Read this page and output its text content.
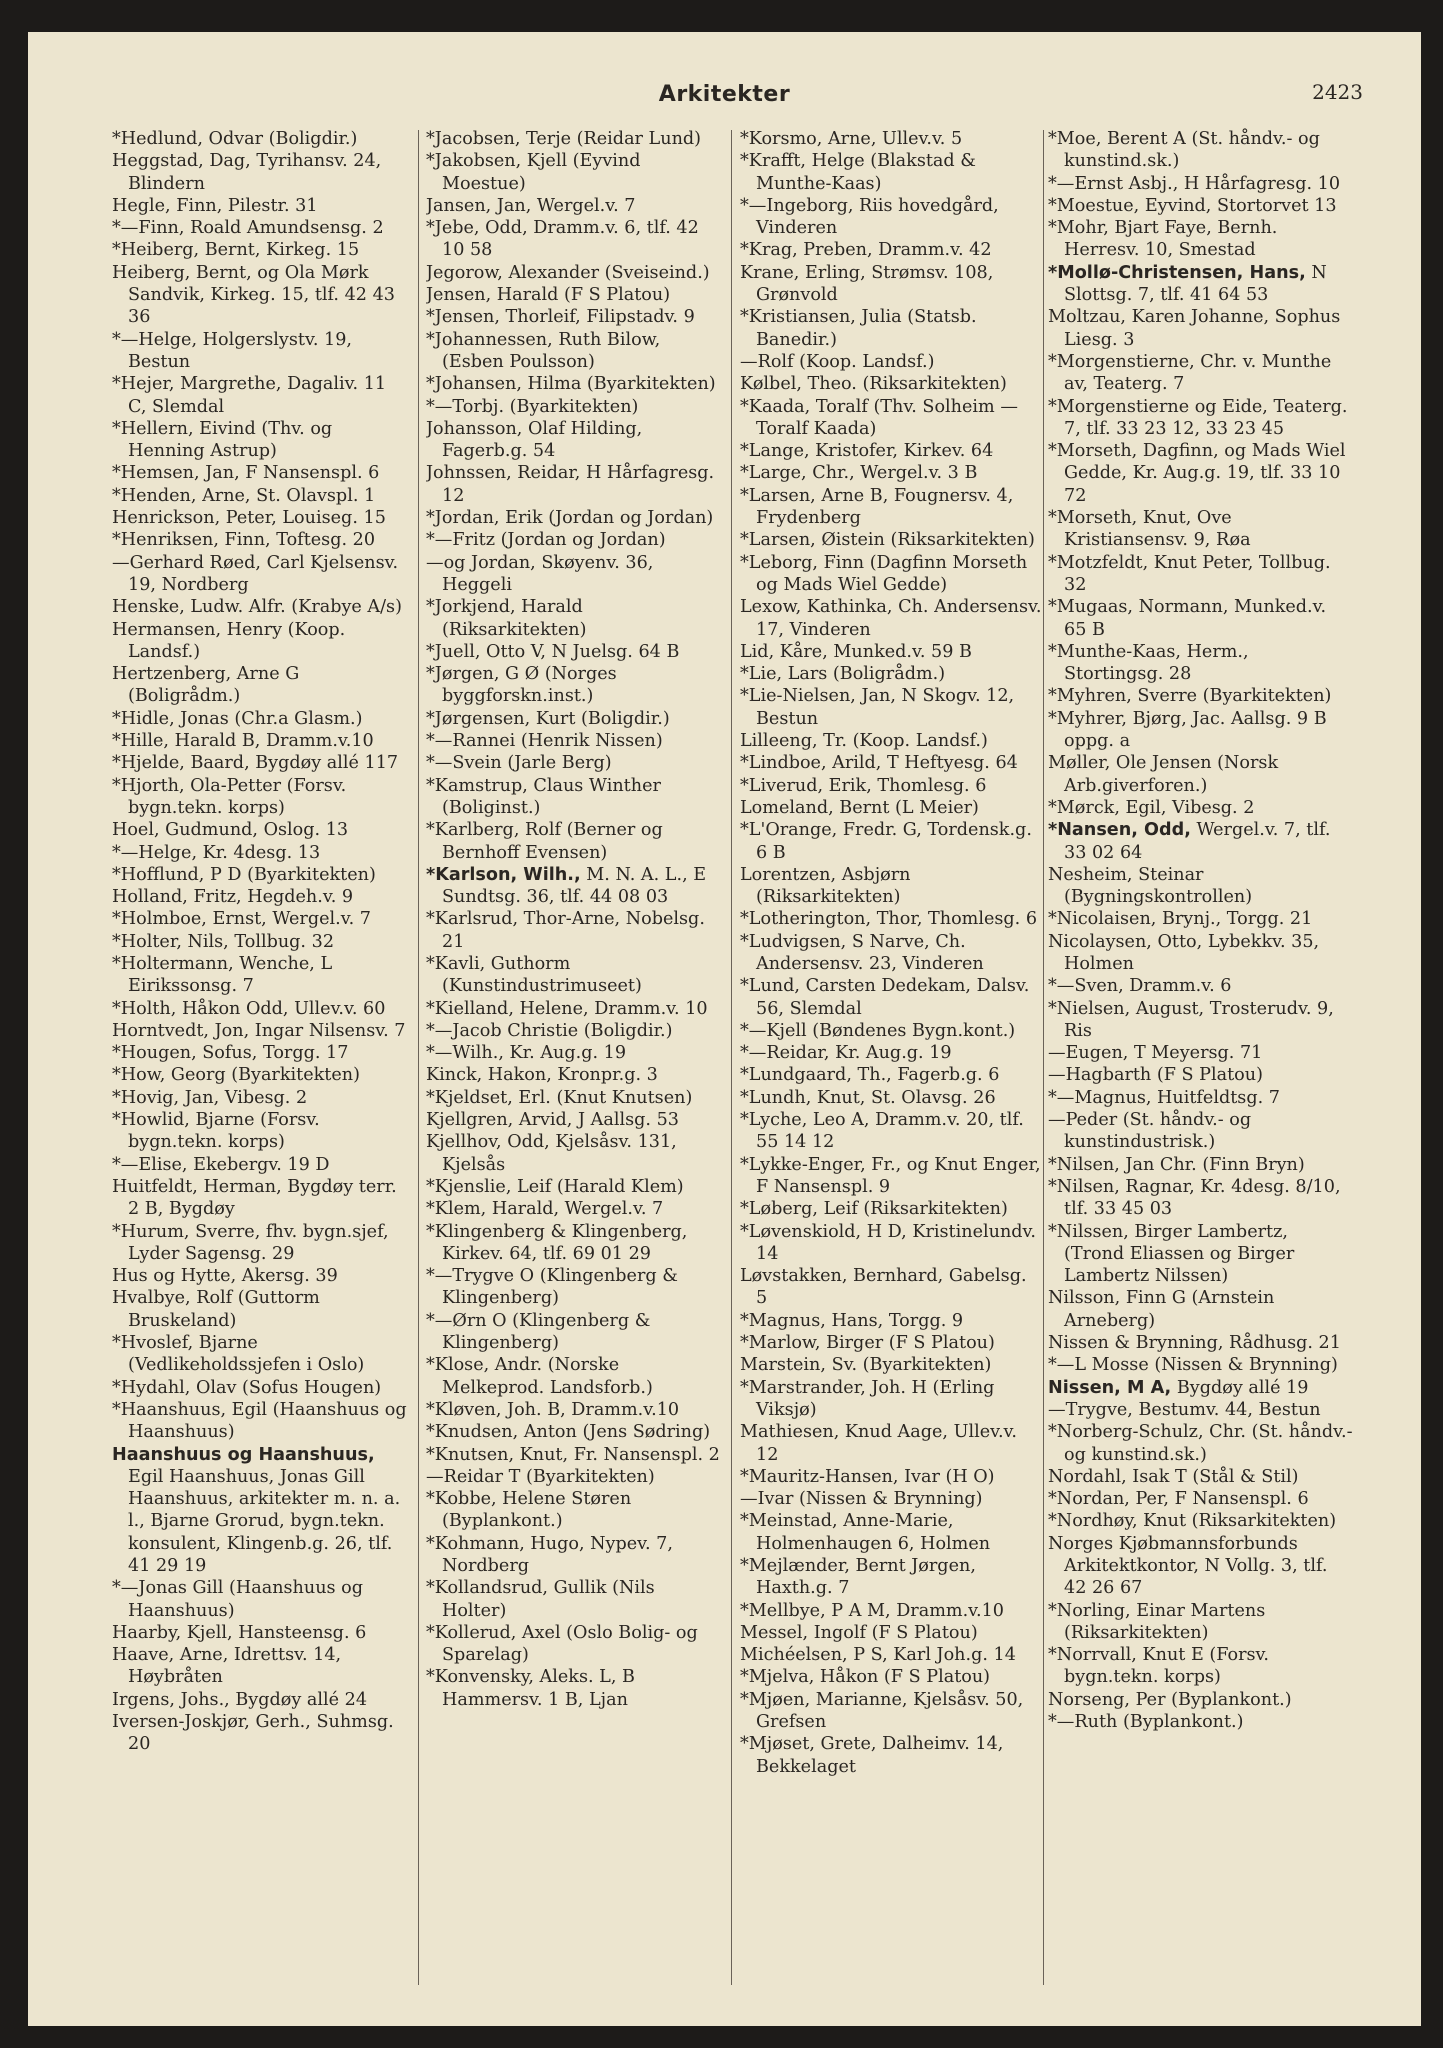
Arkitekter	2423

*Hedlund, Odvar (Boligdir.)

Heggstad, Dag, Tyrihansv. 24, Blindern

Hegle, Finn, Pilestr. 31

*—Finn, Roald Amundsensg. 2

*Heiberg, Bernt, Kirkeg. 15

Heiberg, Bernt, og Ola Mørk Sandvik, Kirkeg. 15, tlf. 42 43 36

*—Helge, Holgerslystv. 19, Bestun

*Hejer, Margrethe, Dagaliv. 11 C, Slemdal

*Hellern, Eivind (Thv. og Henning Astrup)

*Hemsen, Jan, F Nansenspl. 6

*Henden, Arne, St. Olavspl. 1

Henrickson, Peter, Louiseg. 15

*Henriksen, Finn, Toftesg. 20

—Gerhard Røed, Carl Kjelsensv. 19, Nordberg

Henske, Ludw. Alfr. (Krabye A/s)

Hermansen, Henry (Koop. Landsf.)

Hertzenberg, Arne G (Boligrådm.)

*Hidle, Jonas (Chr.a Glasm.)

*Hille, Harald B, Dramm.v.10

*Hjelde, Baard, Bygdøy allé 117

*Hjorth, Ola-Petter (Forsv. bygn.tekn. korps)

Hoel, Gudmund, Oslog. 13

*—Helge, Kr. 4desg. 13

*Hofflund, P D (Byarkitekten)

Holland, Fritz, Hegdeh.v. 9

*Holmboe, Ernst, Wergel.v. 7

*Holter, Nils, Tollbug. 32

*Holtermann, Wenche, L Eirikssonsg. 7

*Holth, Håkon Odd, Ullev.v. 60

Horntvedt, Jon, Ingar Nilsensv. 7

*Hougen, Sofus, Torgg. 17

*How, Georg (Byarkitekten)

*Hovig, Jan, Vibesg. 2

*Howlid, Bjarne (Forsv. bygn.tekn. korps)

*—Elise, Ekebergv. 19 D

Huitfeldt, Herman, Bygdøy terr. 2 B, Bygdøy

*Hurum, Sverre, fhv. bygn.sjef, Lyder Sagensg. 29

Hus og Hytte, Akersg. 39

Hvalbye, Rolf (Guttorm Bruskeland)

*Hvoslef, Bjarne (Vedlikeholdssjefen i Oslo)

*Hydahl, Olav (Sofus Hougen)

*Haanshuus, Egil (Haanshuus og Haanshuus)

Haanshuus og Haanshuus, Egil Haanshuus, Jonas Gill Haanshuus, arkitekter m. n. a. l., Bjarne Grorud, bygn.tekn. konsulent, Klingenb.g. 26, tlf. 41 29 19

*—Jonas Gill (Haanshuus og Haanshuus)

Haarby, Kjell, Hansteensg. 6

Haave, Arne, Idrettsv. 14, Høybråten

Irgens, Johs., Bygdøy allé 24

Iversen-Joskjør, Gerh., Suhmsg. 20

*Jacobsen, Terje (Reidar Lund)

*Jakobsen, Kjell (Eyvind Moestue)

Jansen, Jan, Wergel.v. 7

*Jebe, Odd, Dramm.v. 6, tlf. 42 10 58

Jegorow, Alexander (Sveiseind.)

Jensen, Harald (F S Platou)

*Jensen, Thorleif, Filipstadv. 9

*Johannessen, Ruth Bilow, (Esben Poulsson)

*Johansen, Hilma (Byarkitekten)

*—Torbj. (Byarkitekten)

Johansson, Olaf Hilding, Fagerb.g. 54

Johnssen, Reidar, H Hårfagresg. 12

*Jordan, Erik (Jordan og Jordan)

*—Fritz (Jordan og Jordan)

—og Jordan, Skøyenv. 36, Heggeli

*Jorkjend, Harald (Riksarkitekten)

*Juell, Otto V, N Juelsg. 64 B

*Jørgen, G Ø (Norges byggforskn.inst.)

*Jørgensen, Kurt (Boligdir.)

*—Rannei (Henrik Nissen)

*—Svein (Jarle Berg)

*Kamstrup, Claus Winther (Boliginst.)

*Karlberg, Rolf (Berner og Bernhoff Evensen)

*Karlson, Wilh., M. N. A. L., E Sundtsg. 36, tlf. 44 08 03

*Karlsrud, Thor-Arne, Nobelsg. 21

*Kavli, Guthorm (Kunstindustrimuseet)

*Kielland, Helene, Dramm.v. 10

*—Jacob Christie (Boligdir.)

*—Wilh., Kr. Aug.g. 19

Kinck, Hakon, Kronpr.g. 3

*Kjeldset, Erl. (Knut Knutsen)

Kjellgren, Arvid, J Aallsg. 53

Kjellhov, Odd, Kjelsåsv. 131, Kjelsås

*Kjenslie, Leif (Harald Klem)

*Klem, Harald, Wergel.v. 7

*Klingenberg & Klingenberg, Kirkev. 64, tlf. 69 01 29

*—Trygve O (Klingenberg & Klingenberg)

*—Ørn O (Klingenberg & Klingenberg)

*Klose, Andr. (Norske Melkeprod. Landsforb.)

*Kløven, Joh. B, Dramm.v.10

*Knudsen, Anton (Jens Sødring)

*Knutsen, Knut, Fr. Nansenspl. 2

—Reidar T (Byarkitekten)

*Kobbe, Helene Støren (Byplankont.)

*Kohmann, Hugo, Nypev. 7, Nordberg

*Kollandsrud, Gullik (Nils Holter)

*Kollerud, Axel (Oslo Bolig- og Sparelag)

*Konvensky, Aleks. L, B Hammersv. 1 B, Ljan

*Korsmo, Arne, Ullev.v. 5

*Krafft, Helge (Blakstad & Munthe-Kaas)

*—Ingeborg, Riis hovedgård, Vinderen

*Krag, Preben, Dramm.v. 42

Krane, Erling, Strømsv. 108, Grønvold

*Kristiansen, Julia (Statsb. Banedir.)

—Rolf (Koop. Landsf.)

Kølbel, Theo. (Riksarkitekten)

*Kaada, Toralf (Thv. Solheim — Toralf Kaada)

*Lange, Kristofer, Kirkev. 64

*Large, Chr., Wergel.v. 3 B

*Larsen, Arne B, Fougnersv. 4, Frydenberg

*Larsen, Øistein (Riksarkitekten)

*Leborg, Finn (Dagfinn Morseth og Mads Wiel Gedde)

Lexow, Kathinka, Ch. Andersensv. 17, Vinderen

Lid, Kåre, Munked.v. 59 B

*Lie, Lars (Boligrådm.)

*Lie-Nielsen, Jan, N Skogv. 12, Bestun

Lilleeng, Tr. (Koop. Landsf.)

*Lindboe, Arild, T Heftyesg. 64

*Liverud, Erik, Thomlesg. 6

Lomeland, Bernt (L Meier)

*L'Orange, Fredr. G, Tordensk.g. 6 B

Lorentzen, Asbjørn (Riksarkitekten)

*Lotherington, Thor, Thomlesg. 6

*Ludvigsen, S Narve, Ch. Andersensv. 23, Vinderen

*Lund, Carsten Dedekam, Dalsv. 56, Slemdal

*—Kjell (Bøndenes Bygn.kont.)

*—Reidar, Kr. Aug.g. 19

*Lundgaard, Th., Fagerb.g. 6

*Lundh, Knut, St. Olavsg. 26

*Lyche, Leo A, Dramm.v. 20, tlf. 55 14 12

*Lykke-Enger, Fr., og Knut Enger, F Nansenspl. 9

*Løberg, Leif (Riksarkitekten)

*Løvenskiold, H D, Kristinelundv. 14

Løvstakken, Bernhard, Gabelsg. 5

*Magnus, Hans, Torgg. 9

*Marlow, Birger (F S Platou)

Marstein, Sv. (Byarkitekten)

*Marstrander, Joh. H (Erling Viksjø)

Mathiesen, Knud Aage, Ullev.v. 12

*Mauritz-Hansen, Ivar (H O)

—Ivar (Nissen & Brynning)

*Meinstad, Anne-Marie, Holmenhaugen 6, Holmen

*Mejlænder, Bernt Jørgen, Haxth.g. 7

*Mellbye, P A M, Dramm.v.10

Messel, Ingolf (F S Platou)

Michéelsen, P S, Karl Joh.g. 14

*Mjelva, Håkon (F S Platou)

*Mjøen, Marianne, Kjelsåsv. 50, Grefsen

*Mjøset, Grete, Dalheimv. 14, Bekkelaget

*Moe, Berent A (St. håndv.- og kunstind.sk.)

*—Ernst Asbj., H Hårfagresg. 10

*Moestue, Eyvind, Stortorvet 13

*Mohr, Bjart Faye, Bernh. Herresv. 10, Smestad

*Mollø-Christensen, Hans, N Slottsg. 7, tlf. 41 64 53

Moltzau, Karen Johanne, Sophus Liesg. 3

*Morgenstierne, Chr. v. Munthe av, Teaterg. 7

*Morgenstierne og Eide, Teaterg. 7, tlf. 33 23 12, 33 23 45

*Morseth, Dagfinn, og Mads Wiel Gedde, Kr. Aug.g. 19, tlf. 33 10 72

*Morseth, Knut, Ove Kristiansensv. 9, Røa

*Motzfeldt, Knut Peter, Tollbug. 32

*Mugaas, Normann, Munked.v. 65 B

*Munthe-Kaas, Herm., Stortingsg. 28

*Myhren, Sverre (Byarkitekten)

*Myhrer, Bjørg, Jac. Aallsg. 9 B oppg. a

Møller, Ole Jensen (Norsk Arb.giverforen.)

*Mørck, Egil, Vibesg. 2

*Nansen, Odd, Wergel.v. 7, tlf. 33 02 64

Nesheim, Steinar (Bygningskontrollen)

*Nicolaisen, Brynj., Torgg. 21

Nicolaysen, Otto, Lybekkv. 35, Holmen

*—Sven, Dramm.v. 6

*Nielsen, August, Trosterudv. 9, Ris

—Eugen, T Meyersg. 71

—Hagbarth (F S Platou)

*—Magnus, Huitfeldtsg. 7

—Peder (St. håndv.- og kunstindustrisk.)

*Nilsen, Jan Chr. (Finn Bryn)

*Nilsen, Ragnar, Kr. 4desg. 8/10, tlf. 33 45 03

*Nilssen, Birger Lambertz, (Trond Eliassen og Birger Lambertz Nilssen)

Nilsson, Finn G (Arnstein Arneberg)

Nissen & Brynning, Rådhusg. 21

*—L Mosse (Nissen & Brynning)

Nissen, M A, Bygdøy allé 19

—Trygve, Bestumv. 44, Bestun

*Norberg-Schulz, Chr. (St. håndv.- og kunstind.sk.)

Nordahl, Isak T (Stål & Stil)

*Nordan, Per, F Nansenspl. 6

*Nordhøy, Knut (Riksarkitekten)

Norges Kjøbmannsforbunds Arkitektkontor, N Vollg. 3, tlf. 42 26 67

*Norling, Einar Martens (Riksarkitekten)

*Norrvall, Knut E (Forsv. bygn.tekn. korps)

Norseng, Per (Byplankont.)

*—Ruth (Byplankont.)
